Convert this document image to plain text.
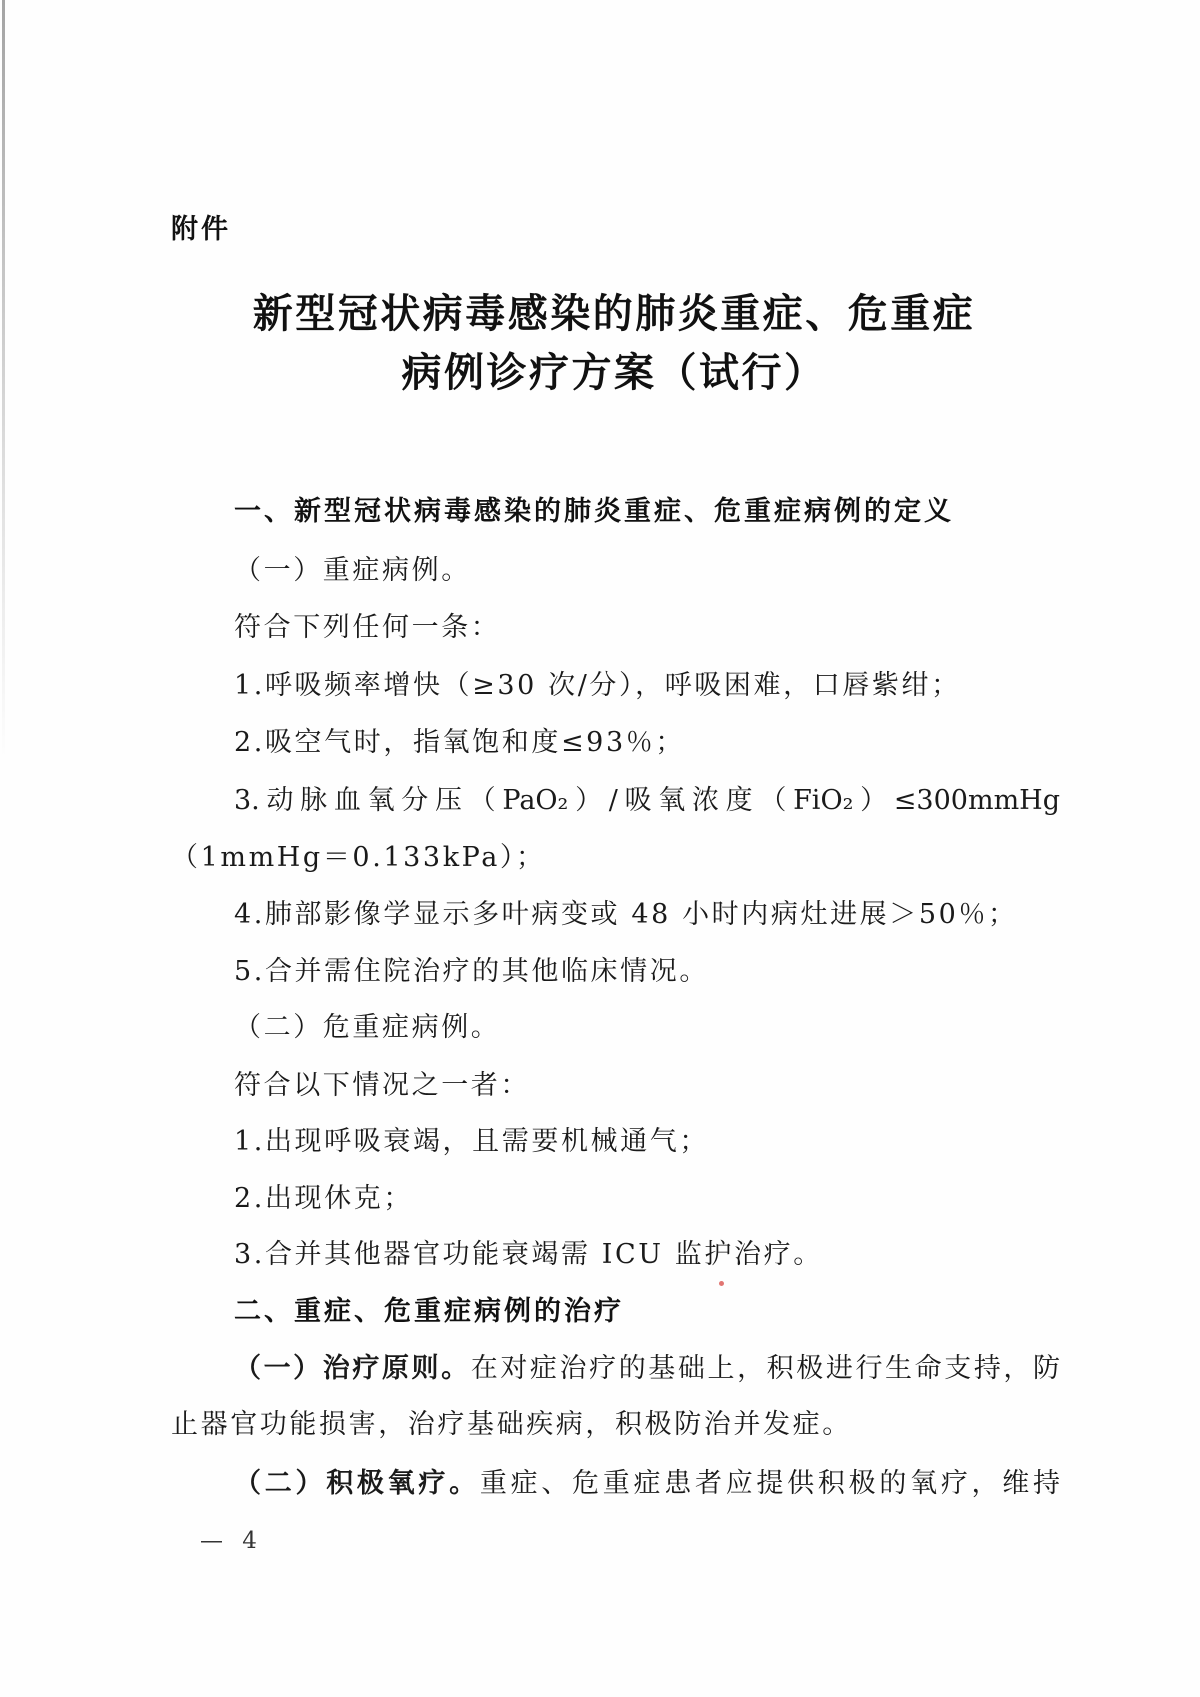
附件
新型冠状病毒感染的肺炎重症、危重症
病例诊疗方案（试行）
一、新型冠状病毒感染的肺炎重症、危重症病例的定义
（一）重症病例。
符合下列任何一条：
1.呼吸频率增快（≥30 次/分），呼吸困难，口唇紫绀；
2.吸空气时，指氧饱和度≤93％；
3.动脉血氧分压（PaO₂）/吸氧浓度（FiO₂）≤300mmHg
（1mmHg＝0.133kPa）；
4.肺部影像学显示多叶病变或 48 小时内病灶进展＞50％；
5.合并需住院治疗的其他临床情况。
（二）危重症病例。
符合以下情况之一者：
1.出现呼吸衰竭，且需要机械通气；
2.出现休克；
3.合并其他器官功能衰竭需 ICU 监护治疗。
二、重症、危重症病例的治疗
（一）治疗原则。在对症治疗的基础上，积极进行生命支持，防
止器官功能损害，治疗基础疾病，积极防治并发症。
（二）积极氧疗。重症、危重症患者应提供积极的氧疗，维持
— 4
